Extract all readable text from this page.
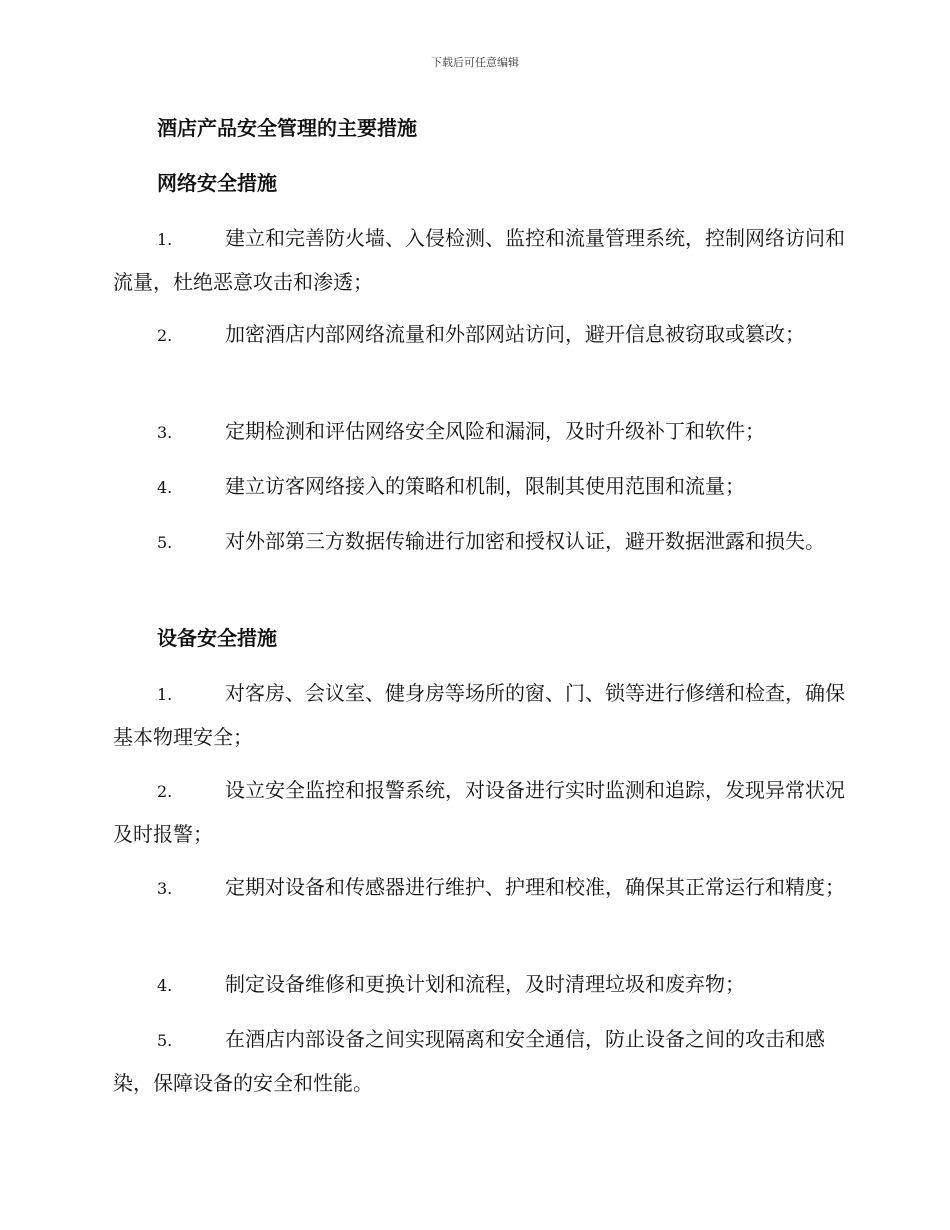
下载后可任意编辑
酒店产品安全管理的主要措施
网络安全措施
1.	建立和完善防火墙、入侵检测、监控和流量管理系统，控制网络访问和流量，杜绝恶意攻击和渗透；
2.	加密酒店内部网络流量和外部网站访问，避开信息被窃取或篡改；
3.	定期检测和评估网络安全风险和漏洞，及时升级补丁和软件；
4.	建立访客网络接入的策略和机制，限制其使用范围和流量；
5.	对外部第三方数据传输进行加密和授权认证，避开数据泄露和损失。
设备安全措施
1.	对客房、会议室、健身房等场所的窗、门、锁等进行修缮和检查，确保基本物理安全；
2.	设立安全监控和报警系统，对设备进行实时监测和追踪，发现异常状况及时报警；
3.	定期对设备和传感器进行维护、护理和校准，确保其正常运行和精度；
4.	制定设备维修和更换计划和流程，及时清理垃圾和废弃物；
5.	在酒店内部设备之间实现隔离和安全通信，防止设备之间的攻击和感染，保障设备的安全和性能。
